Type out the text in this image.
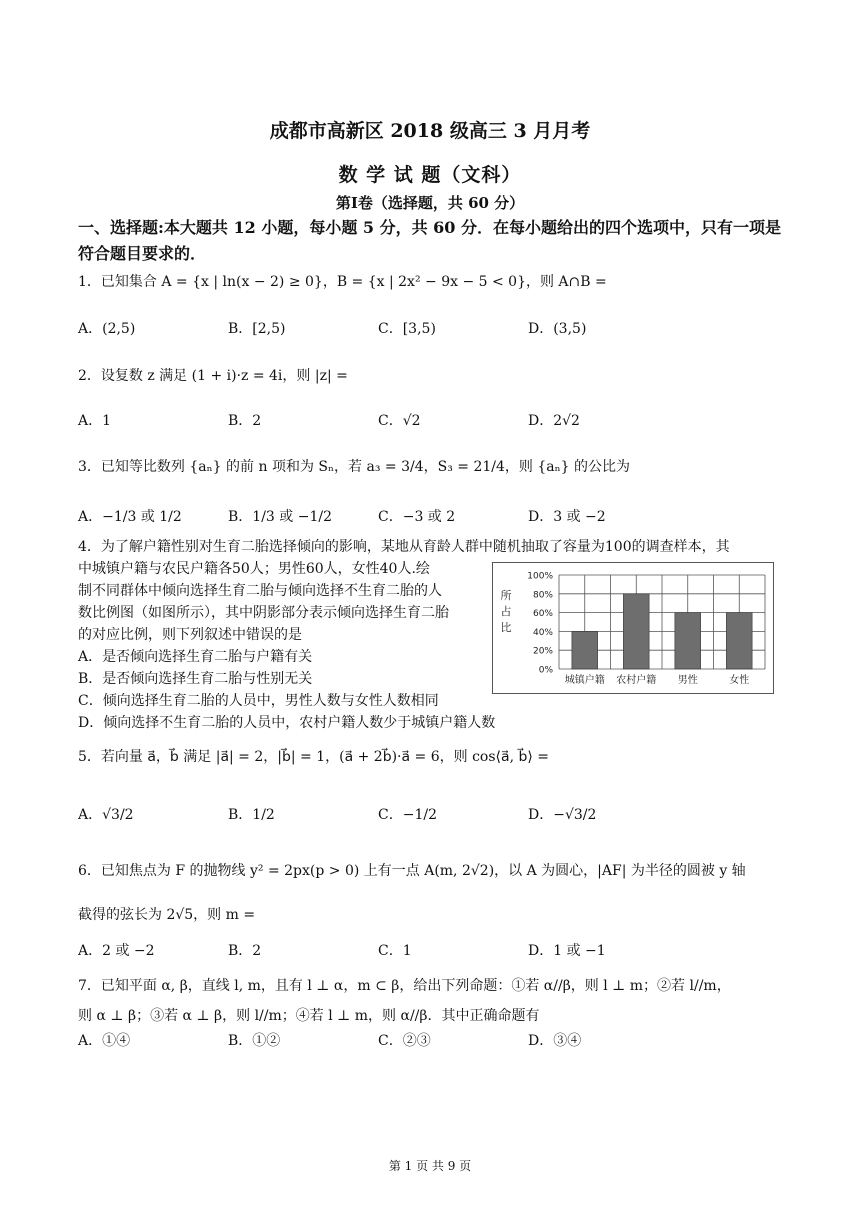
成都市高新区 2018 级高三 3 月月考
数 学 试 题（文科）
第Ⅰ卷（选择题，共 60 分）
一、选择题:本大题共 12 小题，每小题 5 分，共 60 分．在每小题给出的四个选项中，只有一项是符合题目要求的．
1．已知集合 A = {x | ln(x − 2) ≥ 0}，B = {x | 2x² − 9x − 5 < 0}，则 A∩B =
A．(2,5)	B．[2,5)	C．[3,5)	D．(3,5)
2．设复数 z 满足 (1 + i)·z = 4i，则 |z| =
A．1	B．2	C．√2	D．2√2
3．已知等比数列 {aₙ} 的前 n 项和为 Sₙ，若 a₃ = 3/4，S₃ = 21/4，则 {aₙ} 的公比为
A．−1/3 或 1/2	B．1/3 或 −1/2	C．−3 或 2	D．3 或 −2
4．为了解户籍性别对生育二胎选择倾向的影响，某地从育龄人群中随机抽取了容量为100的调查样本，其
中城镇户籍与农民户籍各50人；男性60人，女性40人.绘
制不同群体中倾向选择生育二胎与倾向选择不生育二胎的人
数比例图（如图所示），其中阴影部分表示倾向选择生育二胎
的对应比例，则下列叙述中错误的是
A．是否倾向选择生育二胎与户籍有关
B．是否倾向选择生育二胎与性别无关
C．倾向选择生育二胎的人员中，男性人数与女性人数相同
D．倾向选择不生育二胎的人员中，农村户籍人数少于城镇户籍人数
所
占
比
0%
20%
40%
60%
80%
100%
城镇户籍 农村户籍 男性	女性
5．若向量 a⃗，b⃗ 满足 |a⃗| = 2，|b⃗| = 1，(a⃗ + 2b⃗)·a⃗ = 6，则 cos⟨a⃗, b⃗⟩ =
A．√3/2	B．1/2	C．−1/2	D．−√3/2
6．已知焦点为 F 的抛物线 y² = 2px(p > 0) 上有一点 A(m, 2√2)，以 A 为圆心，|AF| 为半径的圆被 y 轴
截得的弦长为 2√5，则 m =
A．2 或 −2	B．2	C．1	D．1 或 −1
7．已知平面 α, β，直线 l, m，且有 l ⊥ α，m ⊂ β，给出下列命题：①若 α//β，则 l ⊥ m；②若 l//m，
则 α ⊥ β；③若 α ⊥ β，则 l//m；④若 l ⊥ m，则 α//β．其中正确命题有
A．①④	B．①②	C．②③	D．③④
第 1 页 共 9 页
